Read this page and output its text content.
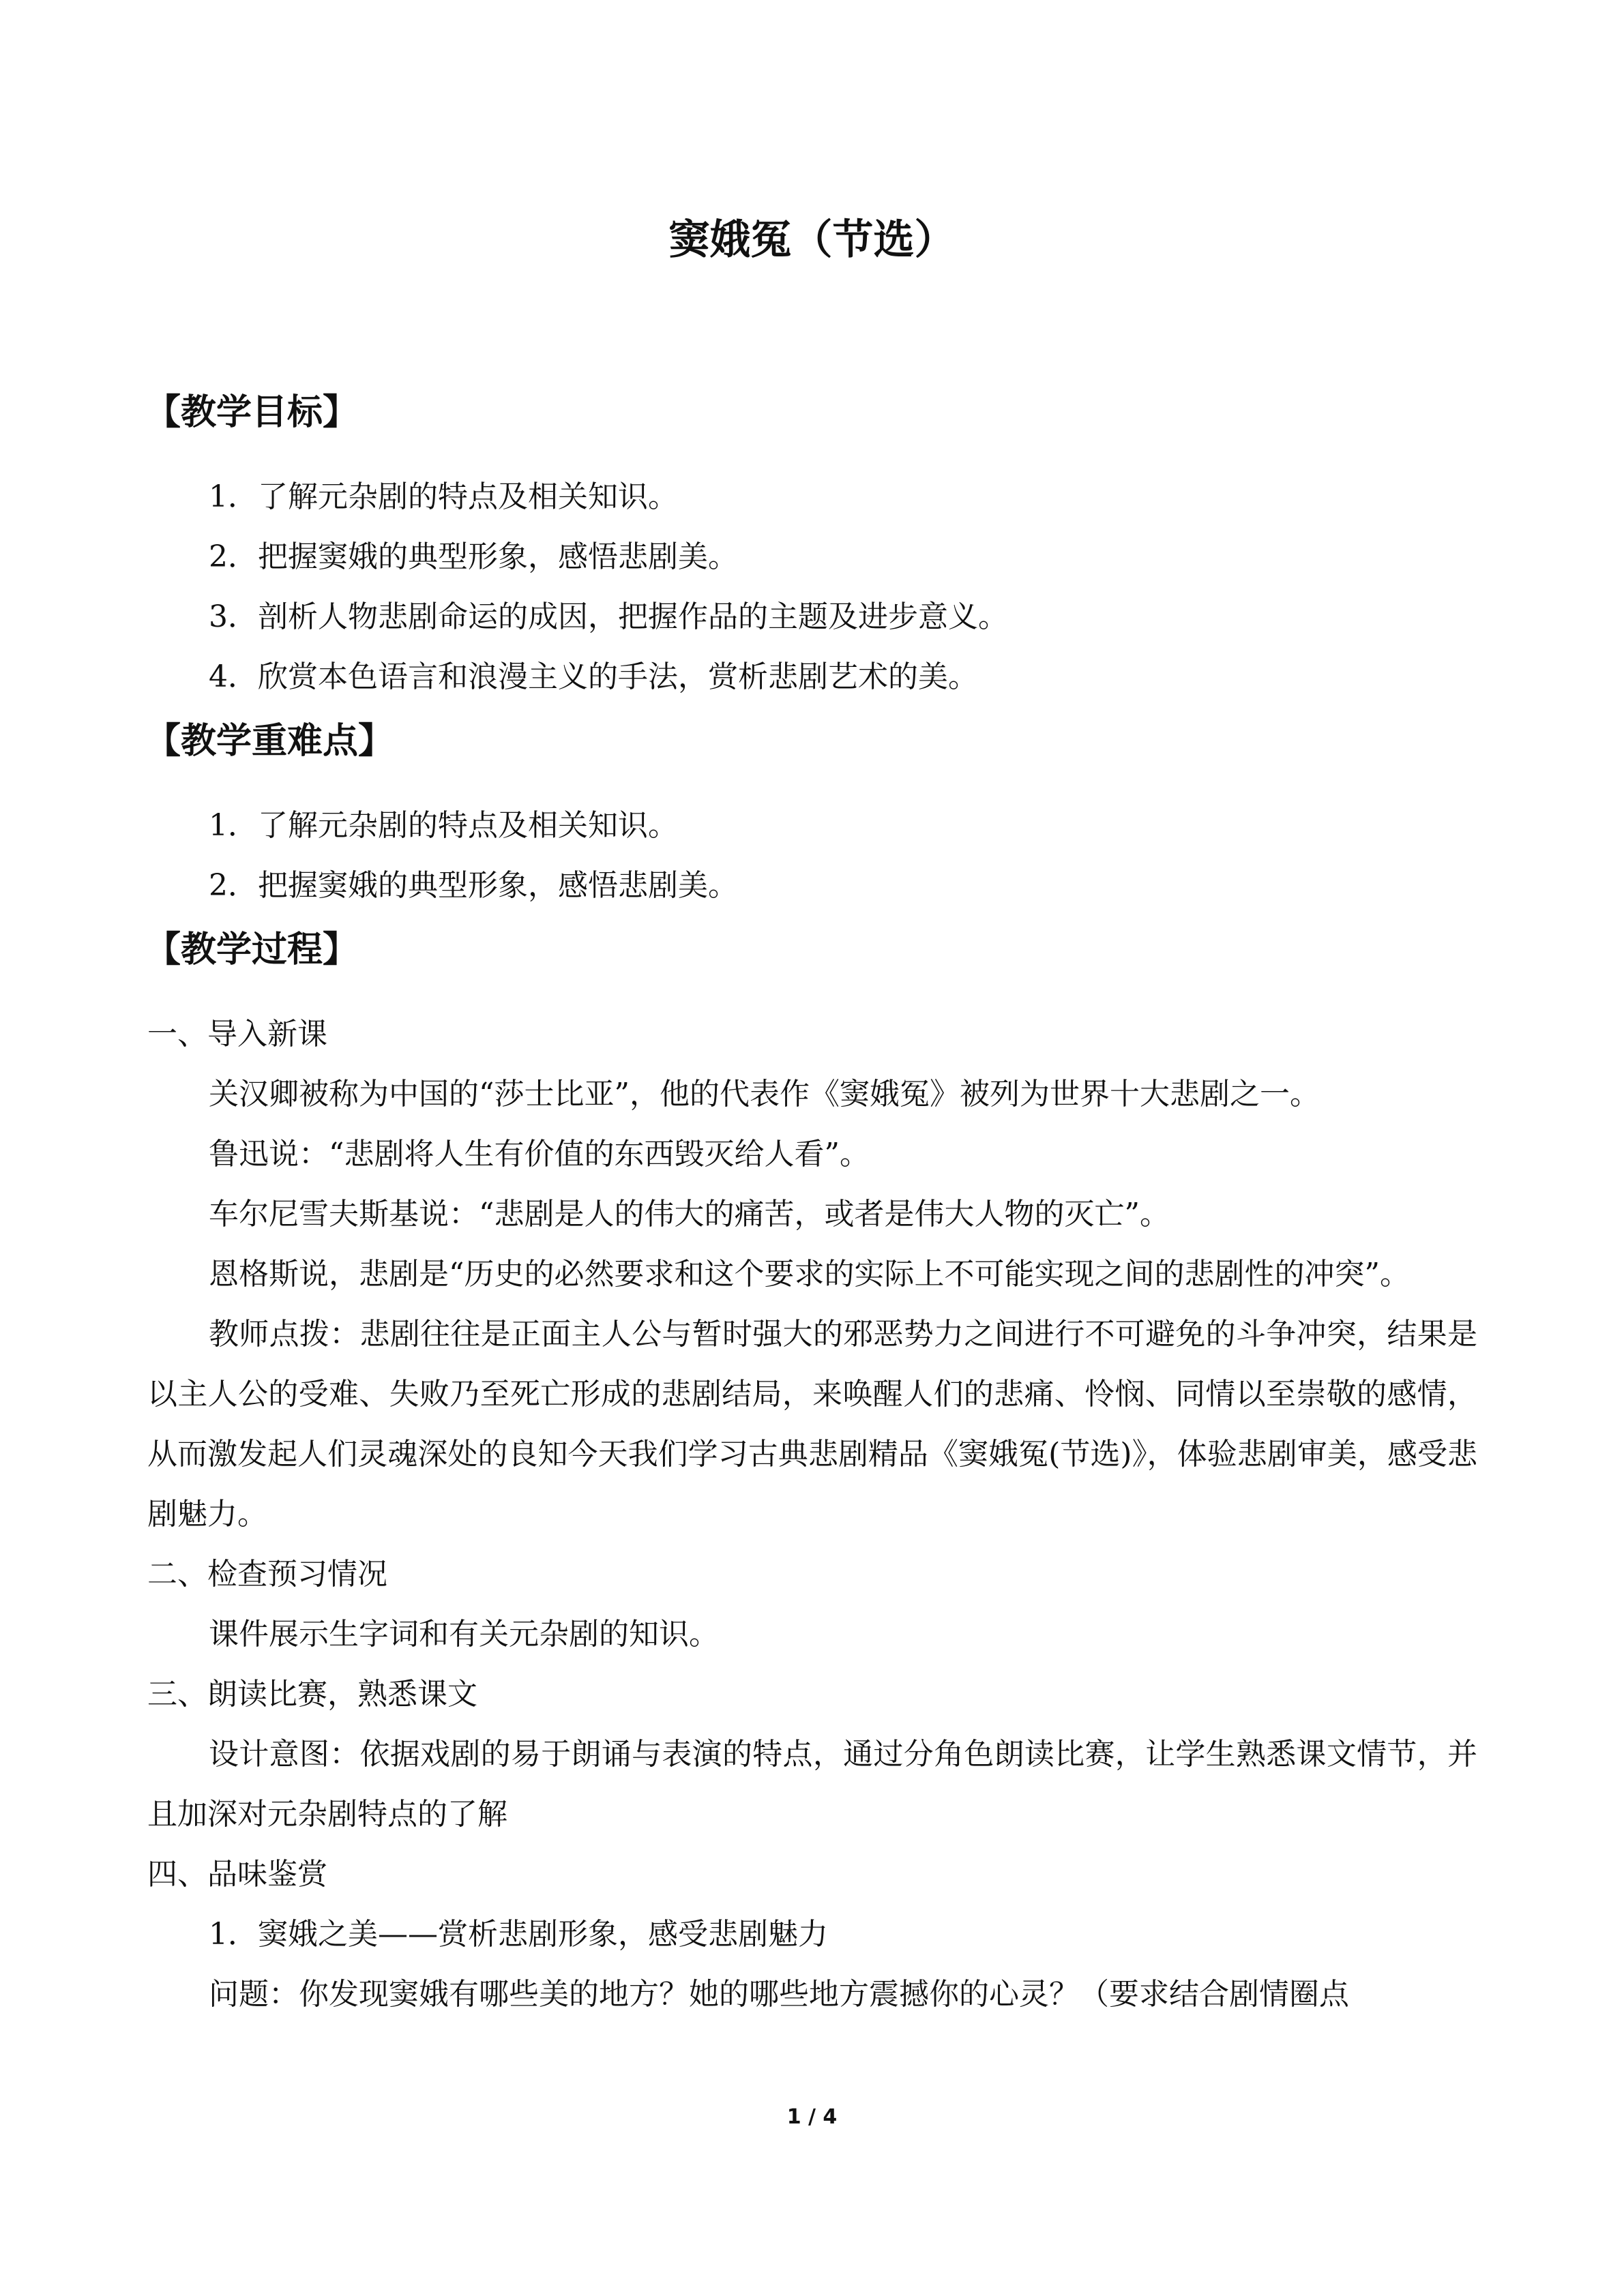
窦娥冤（节选）
【教学目标】
1．了解元杂剧的特点及相关知识。
2．把握窦娥的典型形象，感悟悲剧美。
3．剖析人物悲剧命运的成因，把握作品的主题及进步意义。
4．欣赏本色语言和浪漫主义的手法，赏析悲剧艺术的美。
【教学重难点】
1．了解元杂剧的特点及相关知识。
2．把握窦娥的典型形象，感悟悲剧美。
【教学过程】
一、导入新课
关汉卿被称为中国的“莎士比亚”，他的代表作《窦娥冤》被列为世界十大悲剧之一。
鲁迅说：“悲剧将人生有价值的东西毁灭给人看”。
车尔尼雪夫斯基说：“悲剧是人的伟大的痛苦，或者是伟大人物的灭亡”。
恩格斯说，悲剧是“历史的必然要求和这个要求的实际上不可能实现之间的悲剧性的冲突”。
教师点拨：悲剧往往是正面主人公与暂时强大的邪恶势力之间进行不可避免的斗争冲突，结果是以主人公的受难、失败乃至死亡形成的悲剧结局，来唤醒人们的悲痛、怜悯、同情以至崇敬的感情，从而激发起人们灵魂深处的良知今天我们学习古典悲剧精品《窦娥冤(节选)》，体验悲剧审美，感受悲剧魅力。
二、检查预习情况
课件展示生字词和有关元杂剧的知识。
三、朗读比赛，熟悉课文
设计意图：依据戏剧的易于朗诵与表演的特点，通过分角色朗读比赛，让学生熟悉课文情节，并且加深对元杂剧特点的了解
四、品味鉴赏
1．窦娥之美——赏析悲剧形象，感受悲剧魅力
问题：你发现窦娥有哪些美的地方？她的哪些地方震撼你的心灵？（要求结合剧情圈点
1 / 4
